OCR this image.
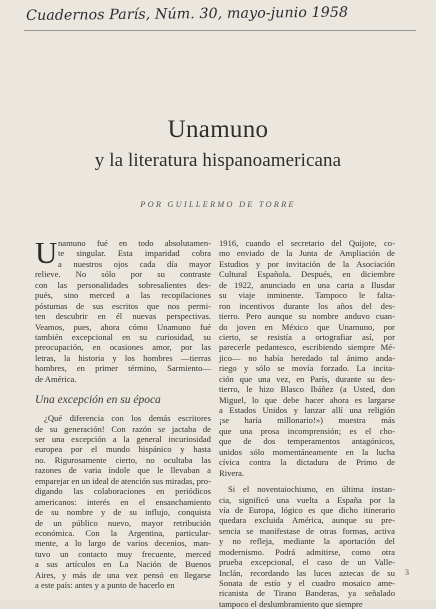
Cuadernos París, Núm. 30, mayo-junio 1958
Unamuno
y la literatura hispanoamericana
POR GUILLERMO DE TORRE
U namuno fué en todo absolutamen-
te singular. Esta imparidad cobra
a nuestros ojos cada día mayor
relieve. No sólo por su contraste
con las personalidades sobresalientes des-
pués, sino merced a las recopilaciones
póstumas de sus escritos que nos permi-
ten descubrir en él nuevas perspectivas.
Veamos, pues, ahora cómo Unamuno fué
también excepcional en su curiosidad, su
preocupación, en ocasiones amor, por las
letras, la historia y los hombres —tierras
hombres, en primer término, Sarmiento—
de América.
Una excepción en su época
¿Qué diferencia con los demás escritores
de su generación! Con razón se jactaba de
ser una excepción a la general incuriosidad
europea por el mundo hispánico y hasta
no. Rigurosamente cierto, no ocultaba las
razones de varia índole que le llevaban a
emparejar en un ideal de atención sus miradas, pro-
digando las colaboraciones en periódicos
americanos: interés en el ensanchamiento
de su nombre y de su influjo, conquista
de un público nuevo, mayor retribución
económica. Con la Argentina, particular-
mente, a lo largo de varios decenios, man-
tuvo un contacto muy frecuente, merced
a sus artículos en La Nación de Buenos
Aires, y más de una vez pensó en llegarse
a este país: antes y a punto de hacerlo en
1916, cuando el secretario del Quijote, co-
mo enviado de la Junta de Ampliación de
Estudios y por invitación de la Asociación
Cultural Española. Después, en diciembre
de 1922, anunciado en una carta a Ilusdar
su viaje inminente. Tampoco le falta-
ron incentivos durante los años del des-
tierro. Pero aunque su nombre anduvo cuan-
do joven en México que Unamuno, por
cierto, se resistía a ortografiar así, por
parecerle pedantesco, escribiendo siempre Mé-
jico— no había heredado tal ánimo anda-
riego y sólo se movía forzado. La incita-
ción que una vez, en París, durante su des-
tierro, le hizo Blasco Ibáñez (a Usted, don
Miguel, lo que debe hacer ahora es largarse
a Estados Unidos y lanzar allí una religión
¡se haría millonario!») muestra más
que una prosa incomprensión; es el cho-
que de dos temperamentos antagónicos,
unidos sólo momentáneamente en la lucha
cívica contra la dictadura de Primo de
Rivera.
Si el noventaiochismo, en última instan-
cia, significó una vuelta a España por la
vía de Europa, lógico es que dicho itinerario
quedara excluida América, aunque su pre-
sencia se manifestase de otras formas, activa
y no refleja, mediante la aportación del
modernismo. Podrá admitirse, como otra
prueba excepcional, el caso de un Valle-
Inclán, recordando las luces aztecas de su
Sonata de estío y el cuadro mosaico ame-
ricanista de Tirano Banderas, ya señalado
tampoco el deslumbramiento que siempre
3
